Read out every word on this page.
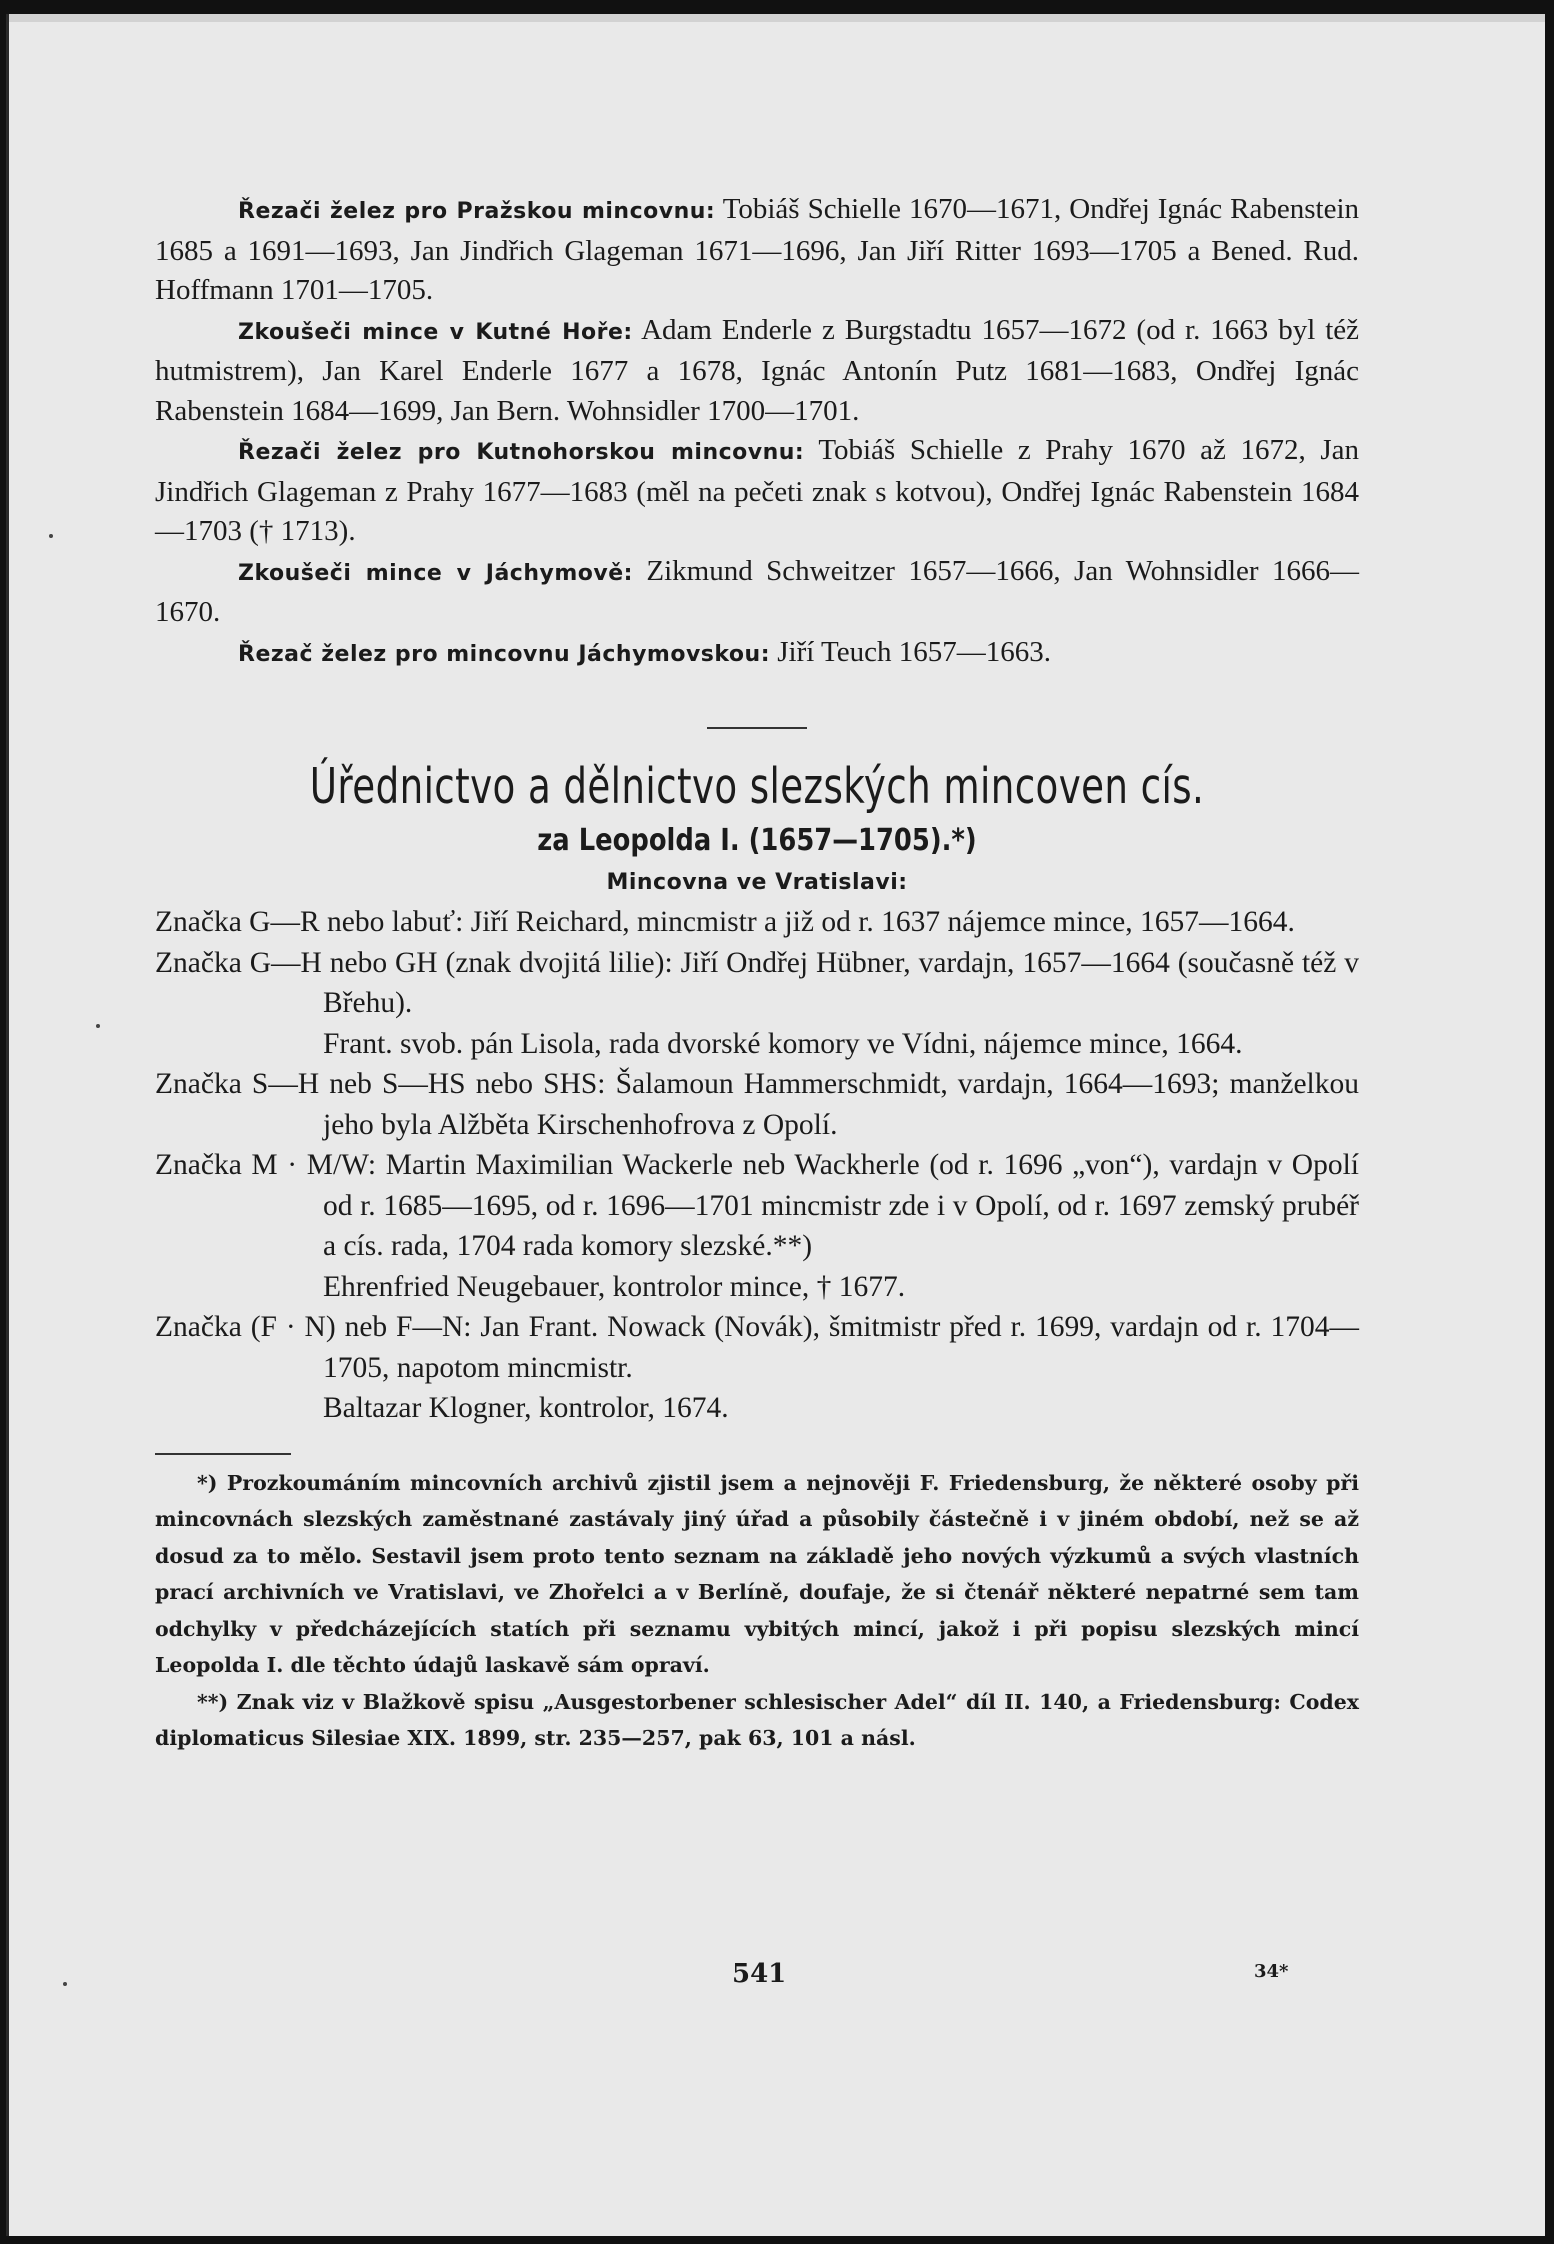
Řezači želez pro Pražskou mincovnu: Tobiáš Schielle 1670—1671, Ondřej Ignác Rabenstein 1685 a 1691—1693, Jan Jindřich Glageman 1671—1696, Jan Jiří Ritter 1693—1705 a Bened. Rud. Hoffmann 1701—1705.

Zkoušeči mince v Kutné Hoře: Adam Enderle z Burgstadtu 1657—1672 (od r. 1663 byl též hutmistrem), Jan Karel Enderle 1677 a 1678, Ignác Antonín Putz 1681—1683, Ondřej Ignác Rabenstein 1684—1699, Jan Bern. Wohnsidler 1700—1701.

Řezači želez pro Kutnohorskou mincovnu: Tobiáš Schielle z Prahy 1670 až 1672, Jan Jindřich Glageman z Prahy 1677—1683 (měl na pečeti znak s kotvou), Ondřej Ignác Rabenstein 1684—1703 († 1713).

Zkoušeči mince v Jáchymově: Zikmund Schweitzer 1657—1666, Jan Wohnsidler 1666—1670.

Řezač želez pro mincovnu Jáchymovskou: Jiří Teuch 1657—1663.

Úřednictvo a dělnictvo slezských mincoven cís.

za Leopolda I. (1657—1705).*)

Mincovna ve Vratislavi:

Značka G—R nebo labuť: Jiří Reichard, mincmistr a již od r. 1637 nájemce mince, 1657—1664.

Značka G—H nebo GH (znak dvojitá lilie): Jiří Ondřej Hübner, vardajn, 1657—1664 (současně též v Břehu).

Frant. svob. pán Lisola, rada dvorské komory ve Vídni, nájemce mince, 1664.

Značka S—H neb S—HS nebo SHS: Šalamoun Hammerschmidt, vardajn, 1664—1693; manželkou jeho byla Alžběta Kirschenhofrova z Opolí.

Značka M · M/W: Martin Maximilian Wackerle neb Wackherle (od r. 1696 „von“), vardajn v Opolí od r. 1685—1695, od r. 1696—1701 mincmistr zde i v Opolí, od r. 1697 zemský prubéř a cís. rada, 1704 rada komory slezské.**)

Ehrenfried Neugebauer, kontrolor mince, † 1677.

Značka (F · N) neb F—N: Jan Frant. Nowack (Novák), šmitmistr před r. 1699, vardajn od r. 1704—1705, napotom mincmistr.

Baltazar Klogner, kontrolor, 1674.

*) Prozkoumáním mincovních archivů zjistil jsem a nejnověji F. Friedensburg, že některé osoby při mincovnách slezských zaměstnané zastávaly jiný úřad a působily částečně i v jiném období, než se až dosud za to mělo. Sestavil jsem proto tento seznam na základě jeho nových výzkumů a svých vlastních prací archivních ve Vratislavi, ve Zhořelci a v Berlíně, doufaje, že si čtenář některé nepatrné sem tam odchylky v předcházejících statích při seznamu vybitých mincí, jakož i při popisu slezských mincí Leopolda I. dle těchto údajů laskavě sám opraví.

**) Znak viz v Blažkově spisu „Ausgestorbener schlesischer Adel“ díl II. 140, a Friedensburg: Codex diplomaticus Silesiae XIX. 1899, str. 235—257, pak 63, 101 a násl.

541	34*
